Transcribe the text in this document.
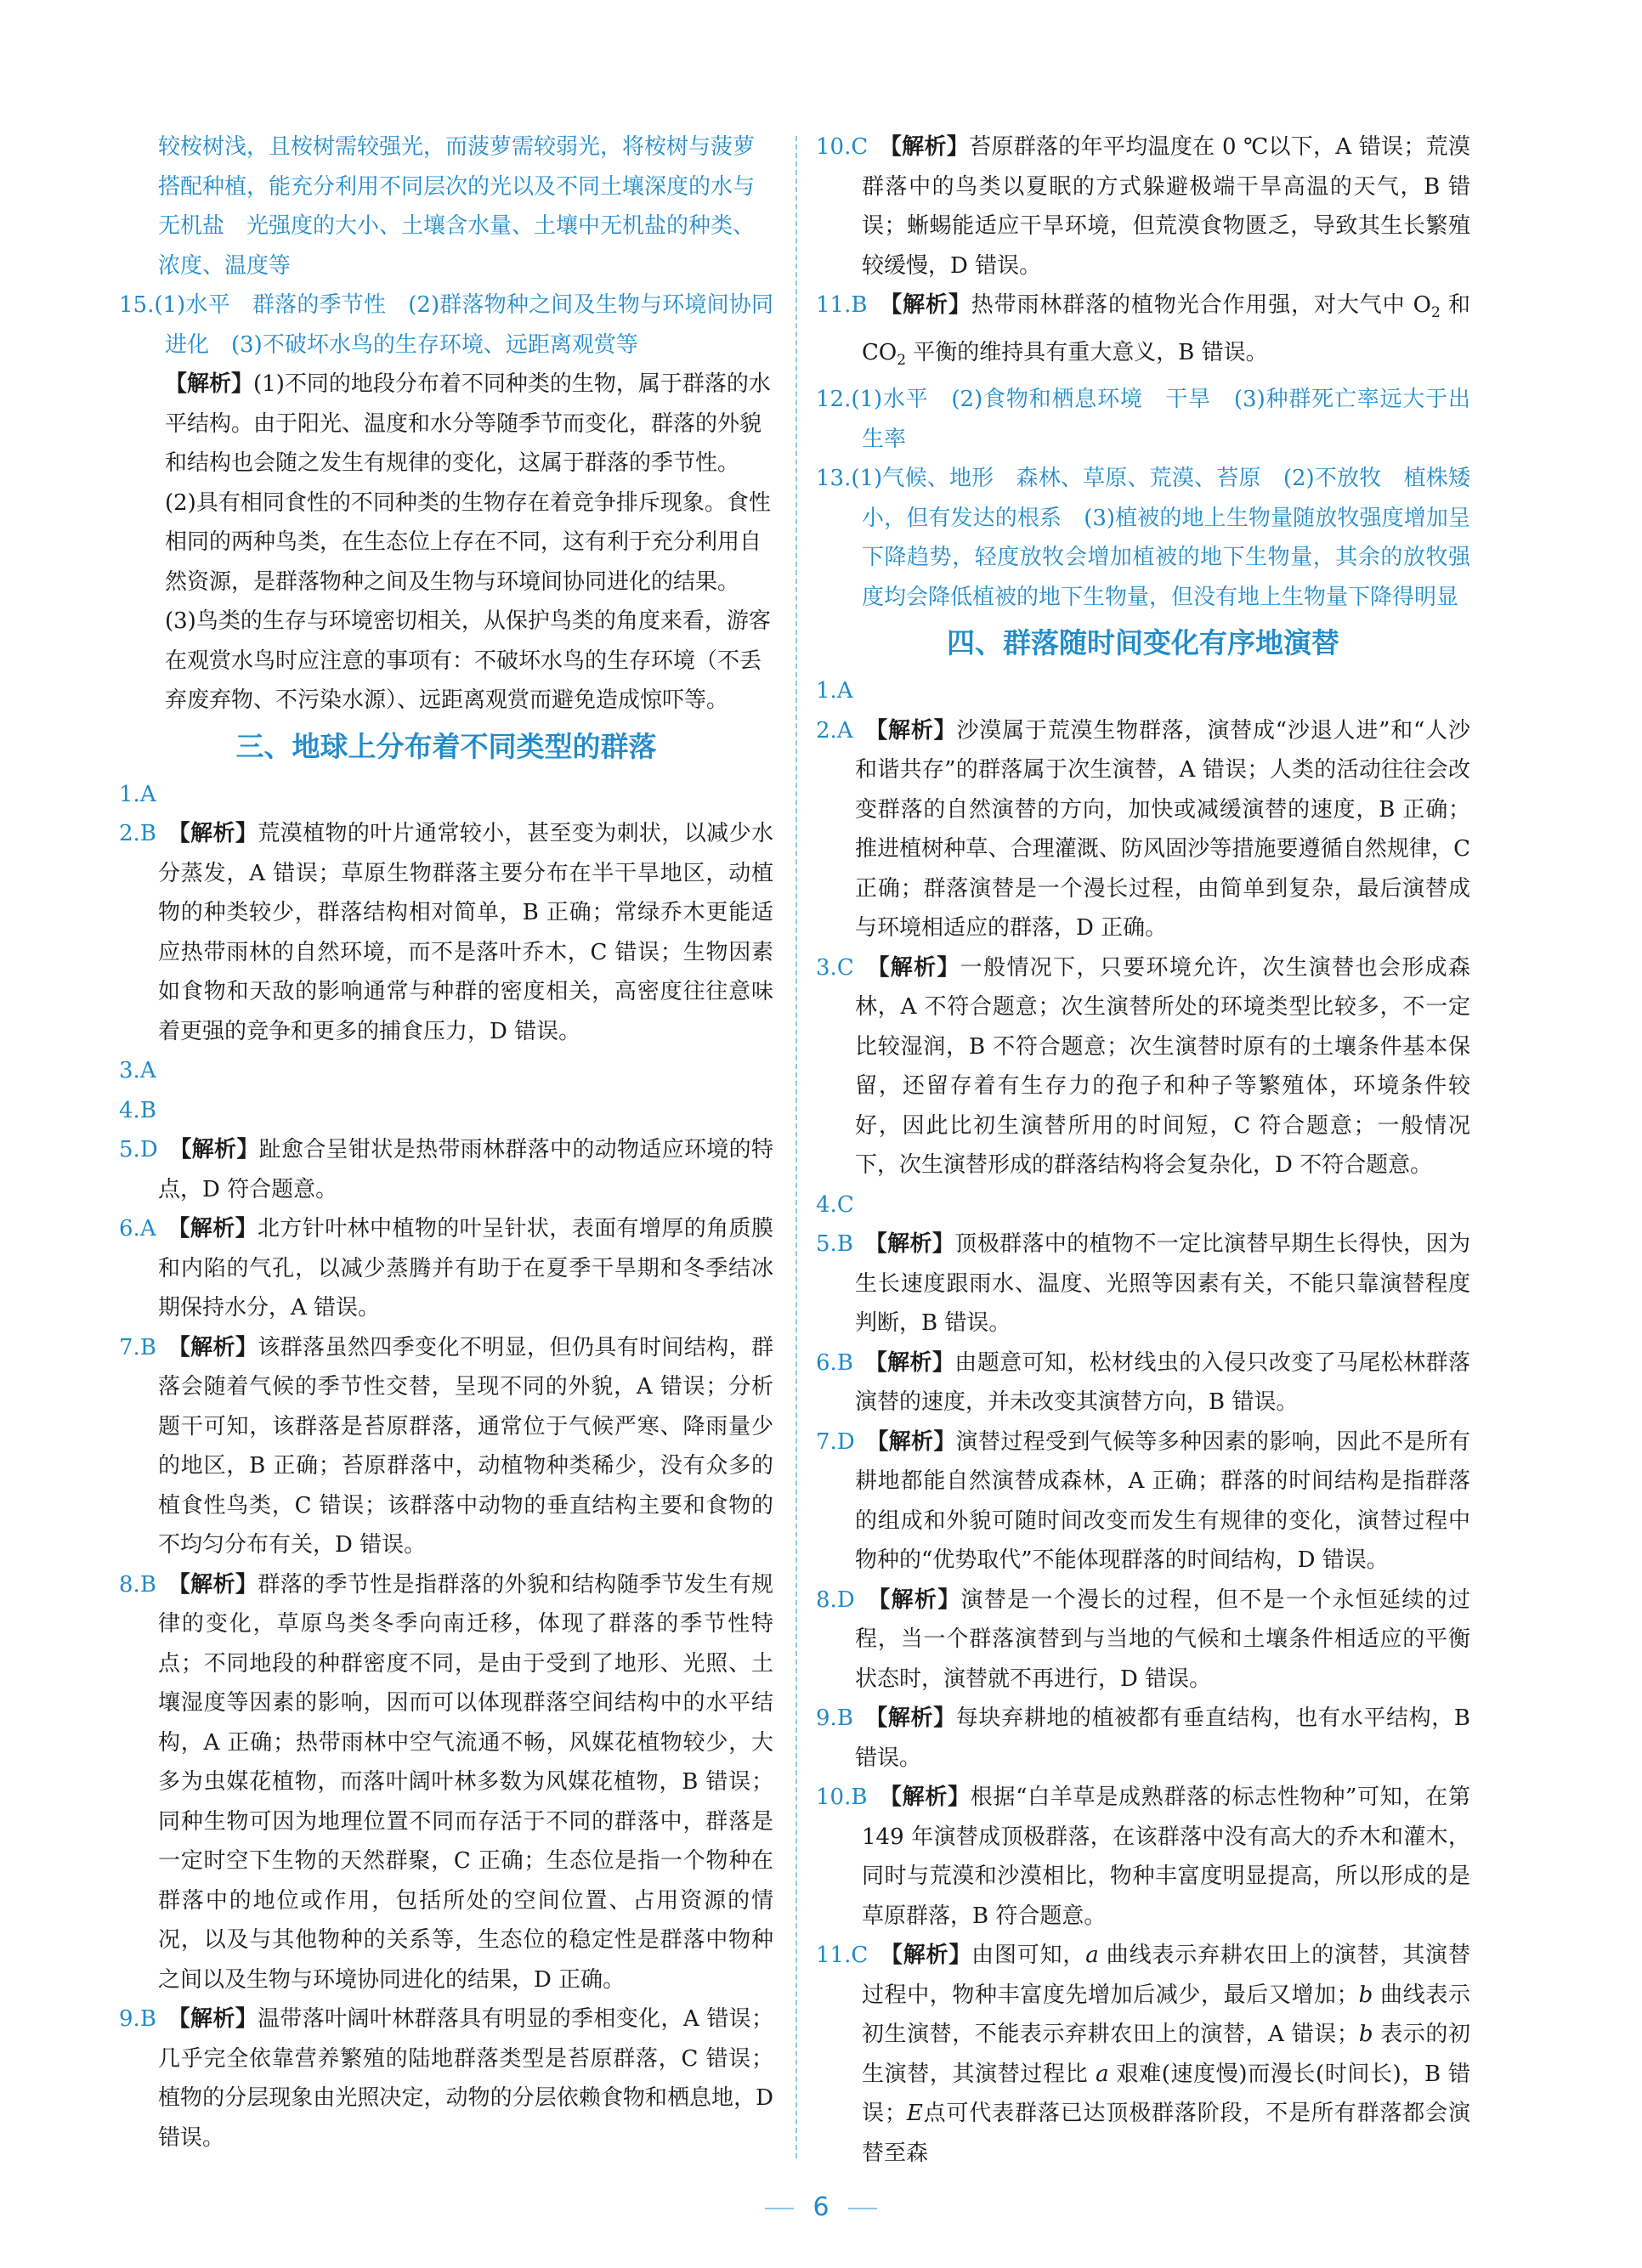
较桉树浅，且桉树需较强光，而菠萝需较弱光，将桉树与菠萝搭配种植，能充分利用不同层次的光以及不同土壤深度的水与无机盐　光强度的大小、土壤含水量、土壤中无机盐的种类、浓度、温度等

15.(1)水平　群落的季节性　(2)群落物种之间及生物与环境间协同进化　(3)不破坏水鸟的生存环境、远距离观赏等

【解析】(1)不同的地段分布着不同种类的生物，属于群落的水平结构。由于阳光、温度和水分等随季节而变化，群落的外貌和结构也会随之发生有规律的变化，这属于群落的季节性。

(2)具有相同食性的不同种类的生物存在着竞争排斥现象。食性相同的两种鸟类，在生态位上存在不同，这有利于充分利用自然资源，是群落物种之间及生物与环境间协同进化的结果。

(3)鸟类的生存与环境密切相关，从保护鸟类的角度来看，游客在观赏水鸟时应注意的事项有：不破坏水鸟的生存环境（不丢弃废弃物、不污染水源）、远距离观赏而避免造成惊吓等。

三、地球上分布着不同类型的群落

1.A

2.B　 【解析】荒漠植物的叶片通常较小，甚至变为刺状，以减少水分蒸发，A 错误；草原生物群落主要分布在半干旱地区，动植物的种类较少，群落结构相对简单，B 正确；常绿乔木更能适应热带雨林的自然环境，而不是落叶乔木，C 错误；生物因素如食物和天敌的影响通常与种群的密度相关，高密度往往意味着更强的竞争和更多的捕食压力，D 错误。

3.A

4.B

5.D　 【解析】趾愈合呈钳状是热带雨林群落中的动物适应环境的特点，D 符合题意。

6.A　 【解析】北方针叶林中植物的叶呈针状，表面有增厚的角质膜和内陷的气孔，以减少蒸腾并有助于在夏季干旱期和冬季结冰期保持水分，A 错误。

7.B　 【解析】该群落虽然四季变化不明显，但仍具有时间结构，群落会随着气候的季节性交替，呈现不同的外貌，A 错误；分析题干可知，该群落是苔原群落，通常位于气候严寒、降雨量少的地区，B 正确；苔原群落中，动植物种类稀少，没有众多的植食性鸟类，C 错误；该群落中动物的垂直结构主要和食物的不均匀分布有关，D 错误。

8.B　 【解析】群落的季节性是指群落的外貌和结构随季节发生有规律的变化，草原鸟类冬季向南迁移，体现了群落的季节性特点；不同地段的种群密度不同，是由于受到了地形、光照、土壤湿度等因素的影响，因而可以体现群落空间结构中的水平结构，A 正确；热带雨林中空气流通不畅，风媒花植物较少，大多为虫媒花植物，而落叶阔叶林多数为风媒花植物，B 错误；同种生物可因为地理位置不同而存活于不同的群落中，群落是一定时空下生物的天然群聚，C 正确；生态位是指一个物种在群落中的地位或作用，包括所处的空间位置、占用资源的情况，以及与其他物种的关系等，生态位的稳定性是群落中物种之间以及生物与环境协同进化的结果，D 正确。

9.B　 【解析】温带落叶阔叶林群落具有明显的季相变化，A 错误；几乎完全依靠营养繁殖的陆地群落类型是苔原群落，C 错误；植物的分层现象由光照决定，动物的分层依赖食物和栖息地，D 错误。

10.C　 【解析】苔原群落的年平均温度在 0 ℃以下，A 错误；荒漠群落中的鸟类以夏眠的方式躲避极端干旱高温的天气，B 错误；蜥蜴能适应干旱环境，但荒漠食物匮乏，导致其生长繁殖较缓慢，D 错误。

11.B　 【解析】热带雨林群落的植物光合作用强，对大气中 $O_2$ 和 $CO_2$ 平衡的维持具有重大意义，B 错误。

12.(1)水平　(2)食物和栖息环境　干旱　(3)种群死亡率远大于出生率

13.(1)气候、地形　森林、草原、荒漠、苔原　(2)不放牧　植株矮小，但有发达的根系　(3)植被的地上生物量随放牧强度增加呈下降趋势，轻度放牧会增加植被的地下生物量，其余的放牧强度均会降低植被的地下生物量，但没有地上生物量下降得明显

四、群落随时间变化有序地演替

1.A

2.A　 【解析】沙漠属于荒漠生物群落，演替成“沙退人进”和“人沙和谐共存”的群落属于次生演替，A 错误；人类的活动往往会改变群落的自然演替的方向，加快或减缓演替的速度，B 正确；推进植树种草、合理灌溉、防风固沙等措施要遵循自然规律，C 正确；群落演替是一个漫长过程，由简单到复杂，最后演替成与环境相适应的群落，D 正确。

3.C　 【解析】一般情况下，只要环境允许，次生演替也会形成森林，A 不符合题意；次生演替所处的环境类型比较多，不一定比较湿润，B 不符合题意；次生演替时原有的土壤条件基本保留，还留存着有生存力的孢子和种子等繁殖体，环境条件较好，因此比初生演替所用的时间短，C 符合题意；一般情况下，次生演替形成的群落结构将会复杂化，D 不符合题意。

4.C

5.B　 【解析】顶极群落中的植物不一定比演替早期生长得快，因为生长速度跟雨水、温度、光照等因素有关，不能只靠演替程度判断，B 错误。

6.B　 【解析】由题意可知，松材线虫的入侵只改变了马尾松林群落演替的速度，并未改变其演替方向，B 错误。

7.D　 【解析】演替过程受到气候等多种因素的影响，因此不是所有耕地都能自然演替成森林，A 正确；群落的时间结构是指群落的组成和外貌可随时间改变而发生有规律的变化，演替过程中物种的“优势取代”不能体现群落的时间结构，D 错误。

8.D　 【解析】演替是一个漫长的过程，但不是一个永恒延续的过程，当一个群落演替到与当地的气候和土壤条件相适应的平衡状态时，演替就不再进行，D 错误。

9.B　 【解析】每块弃耕地的植被都有垂直结构，也有水平结构，B 错误。

10.B　 【解析】根据“白羊草是成熟群落的标志性物种”可知，在第 149 年演替成顶极群落，在该群落中没有高大的乔木和灌木，同时与荒漠和沙漠相比，物种丰富度明显提高，所以形成的是草原群落，B 符合题意。

11.C　 【解析】由图可知，a 曲线表示弃耕农田上的演替，其演替过程中，物种丰富度先增加后减少，最后又增加；b 曲线表示初生演替，不能表示弃耕农田上的演替，A 错误；b 表示的初生演替，其演替过程比 a 艰难(速度慢)而漫长(时间长)，B 错误；E点可代表群落已达顶极群落阶段，不是所有群落都会演替至森

6
